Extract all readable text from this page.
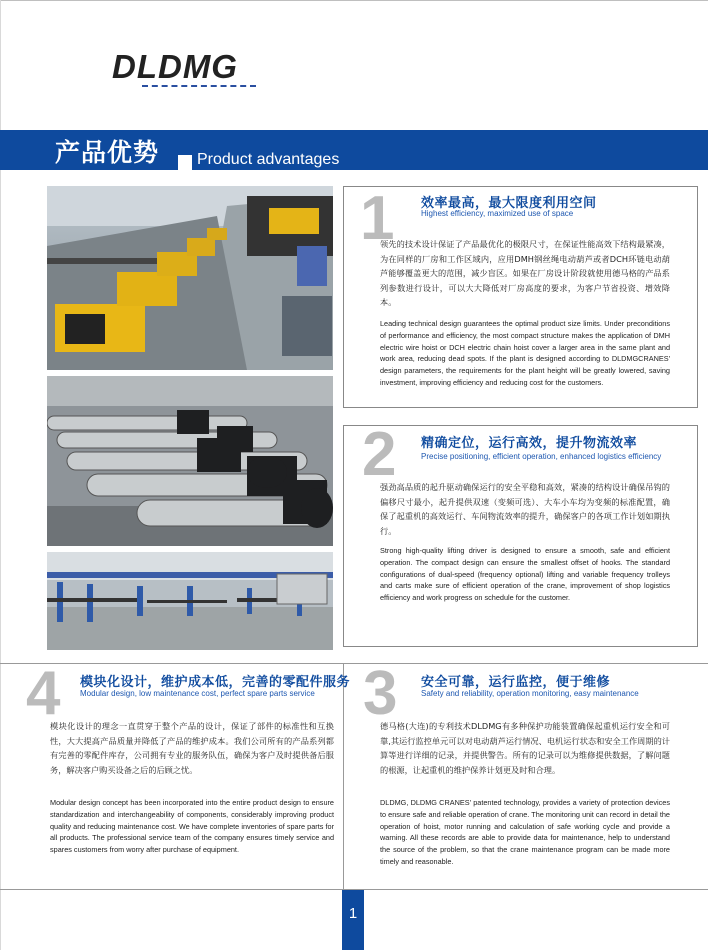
DLDMG
产品优势 Product advantages
1 效率最高，最大限度利用空间
Highest efficiency, maximized use of space
领先的技术设计保证了产品最优化的极限尺寸，在保证性能高效下结构最紧凑，为在同样的厂房和工作区域内，应用DMH钢丝绳电动葫芦或者DCH环链电动葫芦能够覆盖更大的范围，减少盲区。如果在厂房设计阶段就使用德马格的产品系列参数进行设计，可以大大降低对厂房高度的要求，为客户节省投资、增效降本。
Leading technical design guarantees the optimal product size limits. Under preconditions of performance and efficiency, the most compact structure makes the application of DMH electric wire hoist or DCH electric chain hoist cover a larger area in the same plant and work area, reducing dead spots. If the plant is designed according to DLDMGCRANES' design parameters, the requirements for the plant height will be greatly lowered, saving investment, improving efficiency and reducing cost for the customers.
2 精确定位，运行高效，提升物流效率
Precise positioning, efficient operation, enhanced logistics efficiency
强劲高品质的起升驱动确保运行的安全平稳和高效，紧凑的结构设计确保吊钩的偏移尺寸最小，起升提供双速（变频可选）、大车小车均为变频的标准配置，确保了起重机的高效运行、车间物流效率的提升，确保客户的各项工作计划如期执行。
Strong high-quality lifting driver is designed to ensure a smooth, safe and efficient operation. The compact design can ensure the smallest offset of hooks. The standard configurations of dual-speed (frequency optional) lifting and variable frequency trolleys and carts make sure of efficient operation of the crane, improvement of shop logistics efficiency and work progress on schedule for the customer.
4 模块化设计，维护成本低，完善的零配件服务
Modular design, low maintenance cost, perfect spare parts service
模块化设计的理念一直贯穿于整个产品的设计，保证了部件的标准性和互换性，大大提高产品质量并降低了产品的维护成本。我们公司所有的产品系列都有完善的零配件库存，公司拥有专业的服务队伍，确保为客户及时提供备后服务，解决客户购买设备之后的后顾之忧。
Modular design concept has been incorporated into the entire product design to ensure standardization and interchangeability of components, considerably improving product quality and reducing maintenance cost. We have complete inventories of spare parts for all products. The professional service team of the company ensures timely service and spares customers from worry after purchase of equipment.
3 安全可靠，运行监控，便于维修
Safety and reliability, operation monitoring, easy maintenance
德马格(大连)的专利技术DLDMG有多种保护功能装置确保起重机运行安全和可靠,其运行监控单元可以对电动葫芦运行情况、电机运行状态和安全工作周期的计算等进行详细的记录，并提供警告。所有的记录可以为维修提供数据，了解问题的根源，让起重机的维护保养计划更及时和合理。
DLDMG, DLDMG CRANES' patented technology, provides a variety of protection devices to ensure safe and reliable operation of crane. The monitoring unit can record in detail the operation of hoist, motor running and calculation of safe working cycle and provide a warning. All these records are able to provide data for maintenance, help to understand the source of the problem, so that the crane maintenance program can be made more timely and reasonable.
1
